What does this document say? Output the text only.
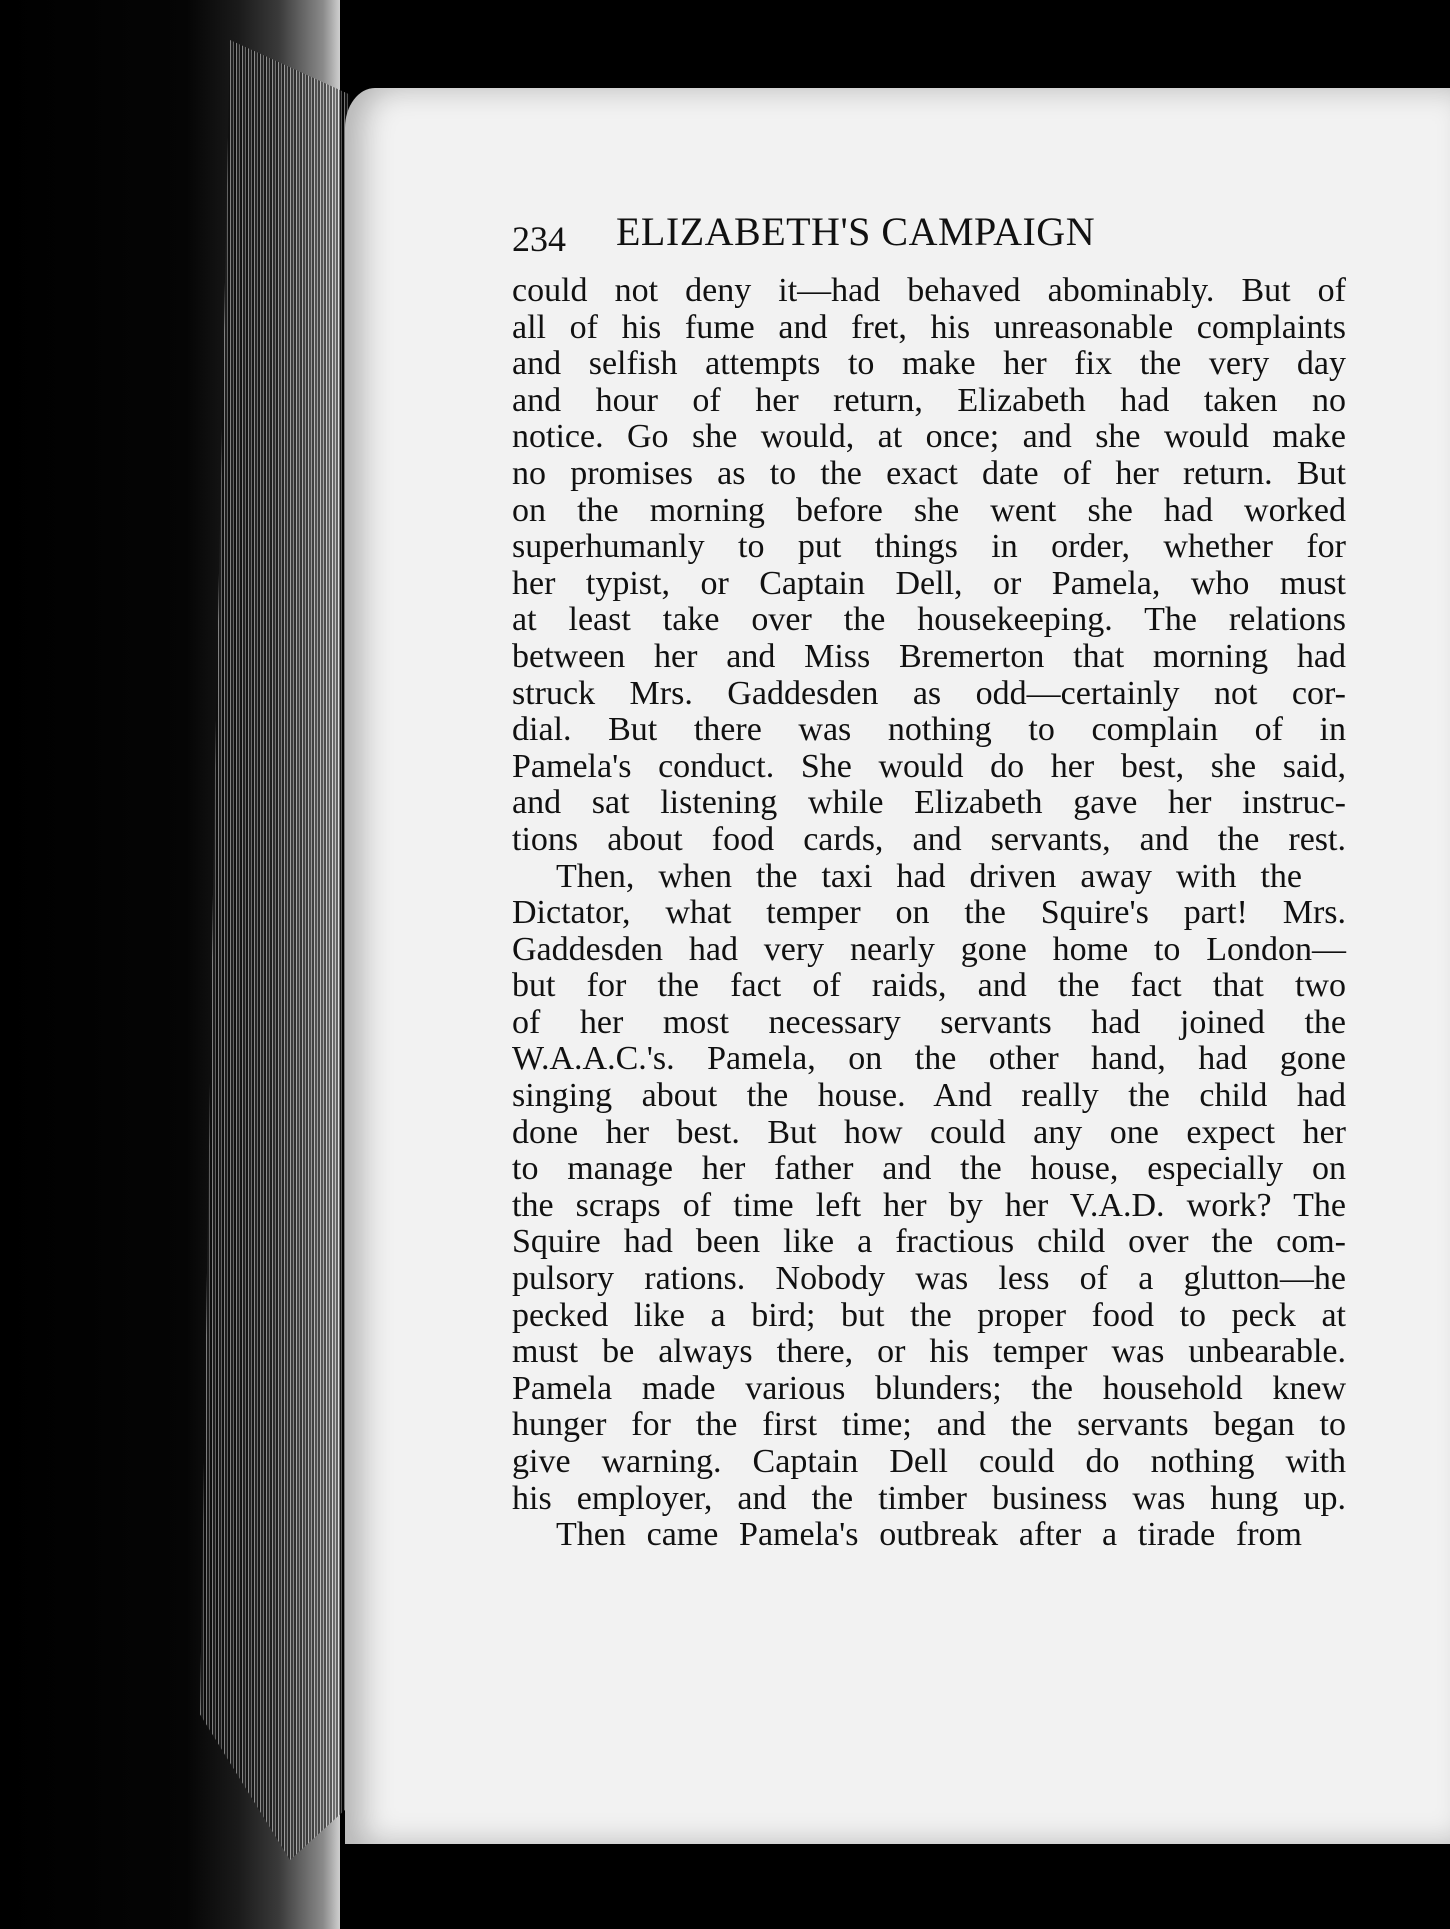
234 ELIZABETH'S CAMPAIGN
could not deny it—had behaved abominably. But of
all of his fume and fret, his unreasonable complaints
and selfish attempts to make her fix the very day
and hour of her return, Elizabeth had taken no
notice. Go she would, at once; and she would make
no promises as to the exact date of her return. But
on the morning before she went she had worked
superhumanly to put things in order, whether for
her typist, or Captain Dell, or Pamela, who must
at least take over the housekeeping. The relations
between her and Miss Bremerton that morning had
struck Mrs. Gaddesden as odd—certainly not cor-
dial. But there was nothing to complain of in
Pamela's conduct. She would do her best, she said,
and sat listening while Elizabeth gave her instruc-
tions about food cards, and servants, and the rest.
Then, when the taxi had driven away with the
Dictator, what temper on the Squire's part! Mrs.
Gaddesden had very nearly gone home to London—
but for the fact of raids, and the fact that two
of her most necessary servants had joined the
W.A.A.C.'s. Pamela, on the other hand, had gone
singing about the house. And really the child had
done her best. But how could any one expect her
to manage her father and the house, especially on
the scraps of time left her by her V.A.D. work? The
Squire had been like a fractious child over the com-
pulsory rations. Nobody was less of a glutton—he
pecked like a bird; but the proper food to peck at
must be always there, or his temper was unbearable.
Pamela made various blunders; the household knew
hunger for the first time; and the servants began to
give warning. Captain Dell could do nothing with
his employer, and the timber business was hung up.
Then came Pamela's outbreak after a tirade from
